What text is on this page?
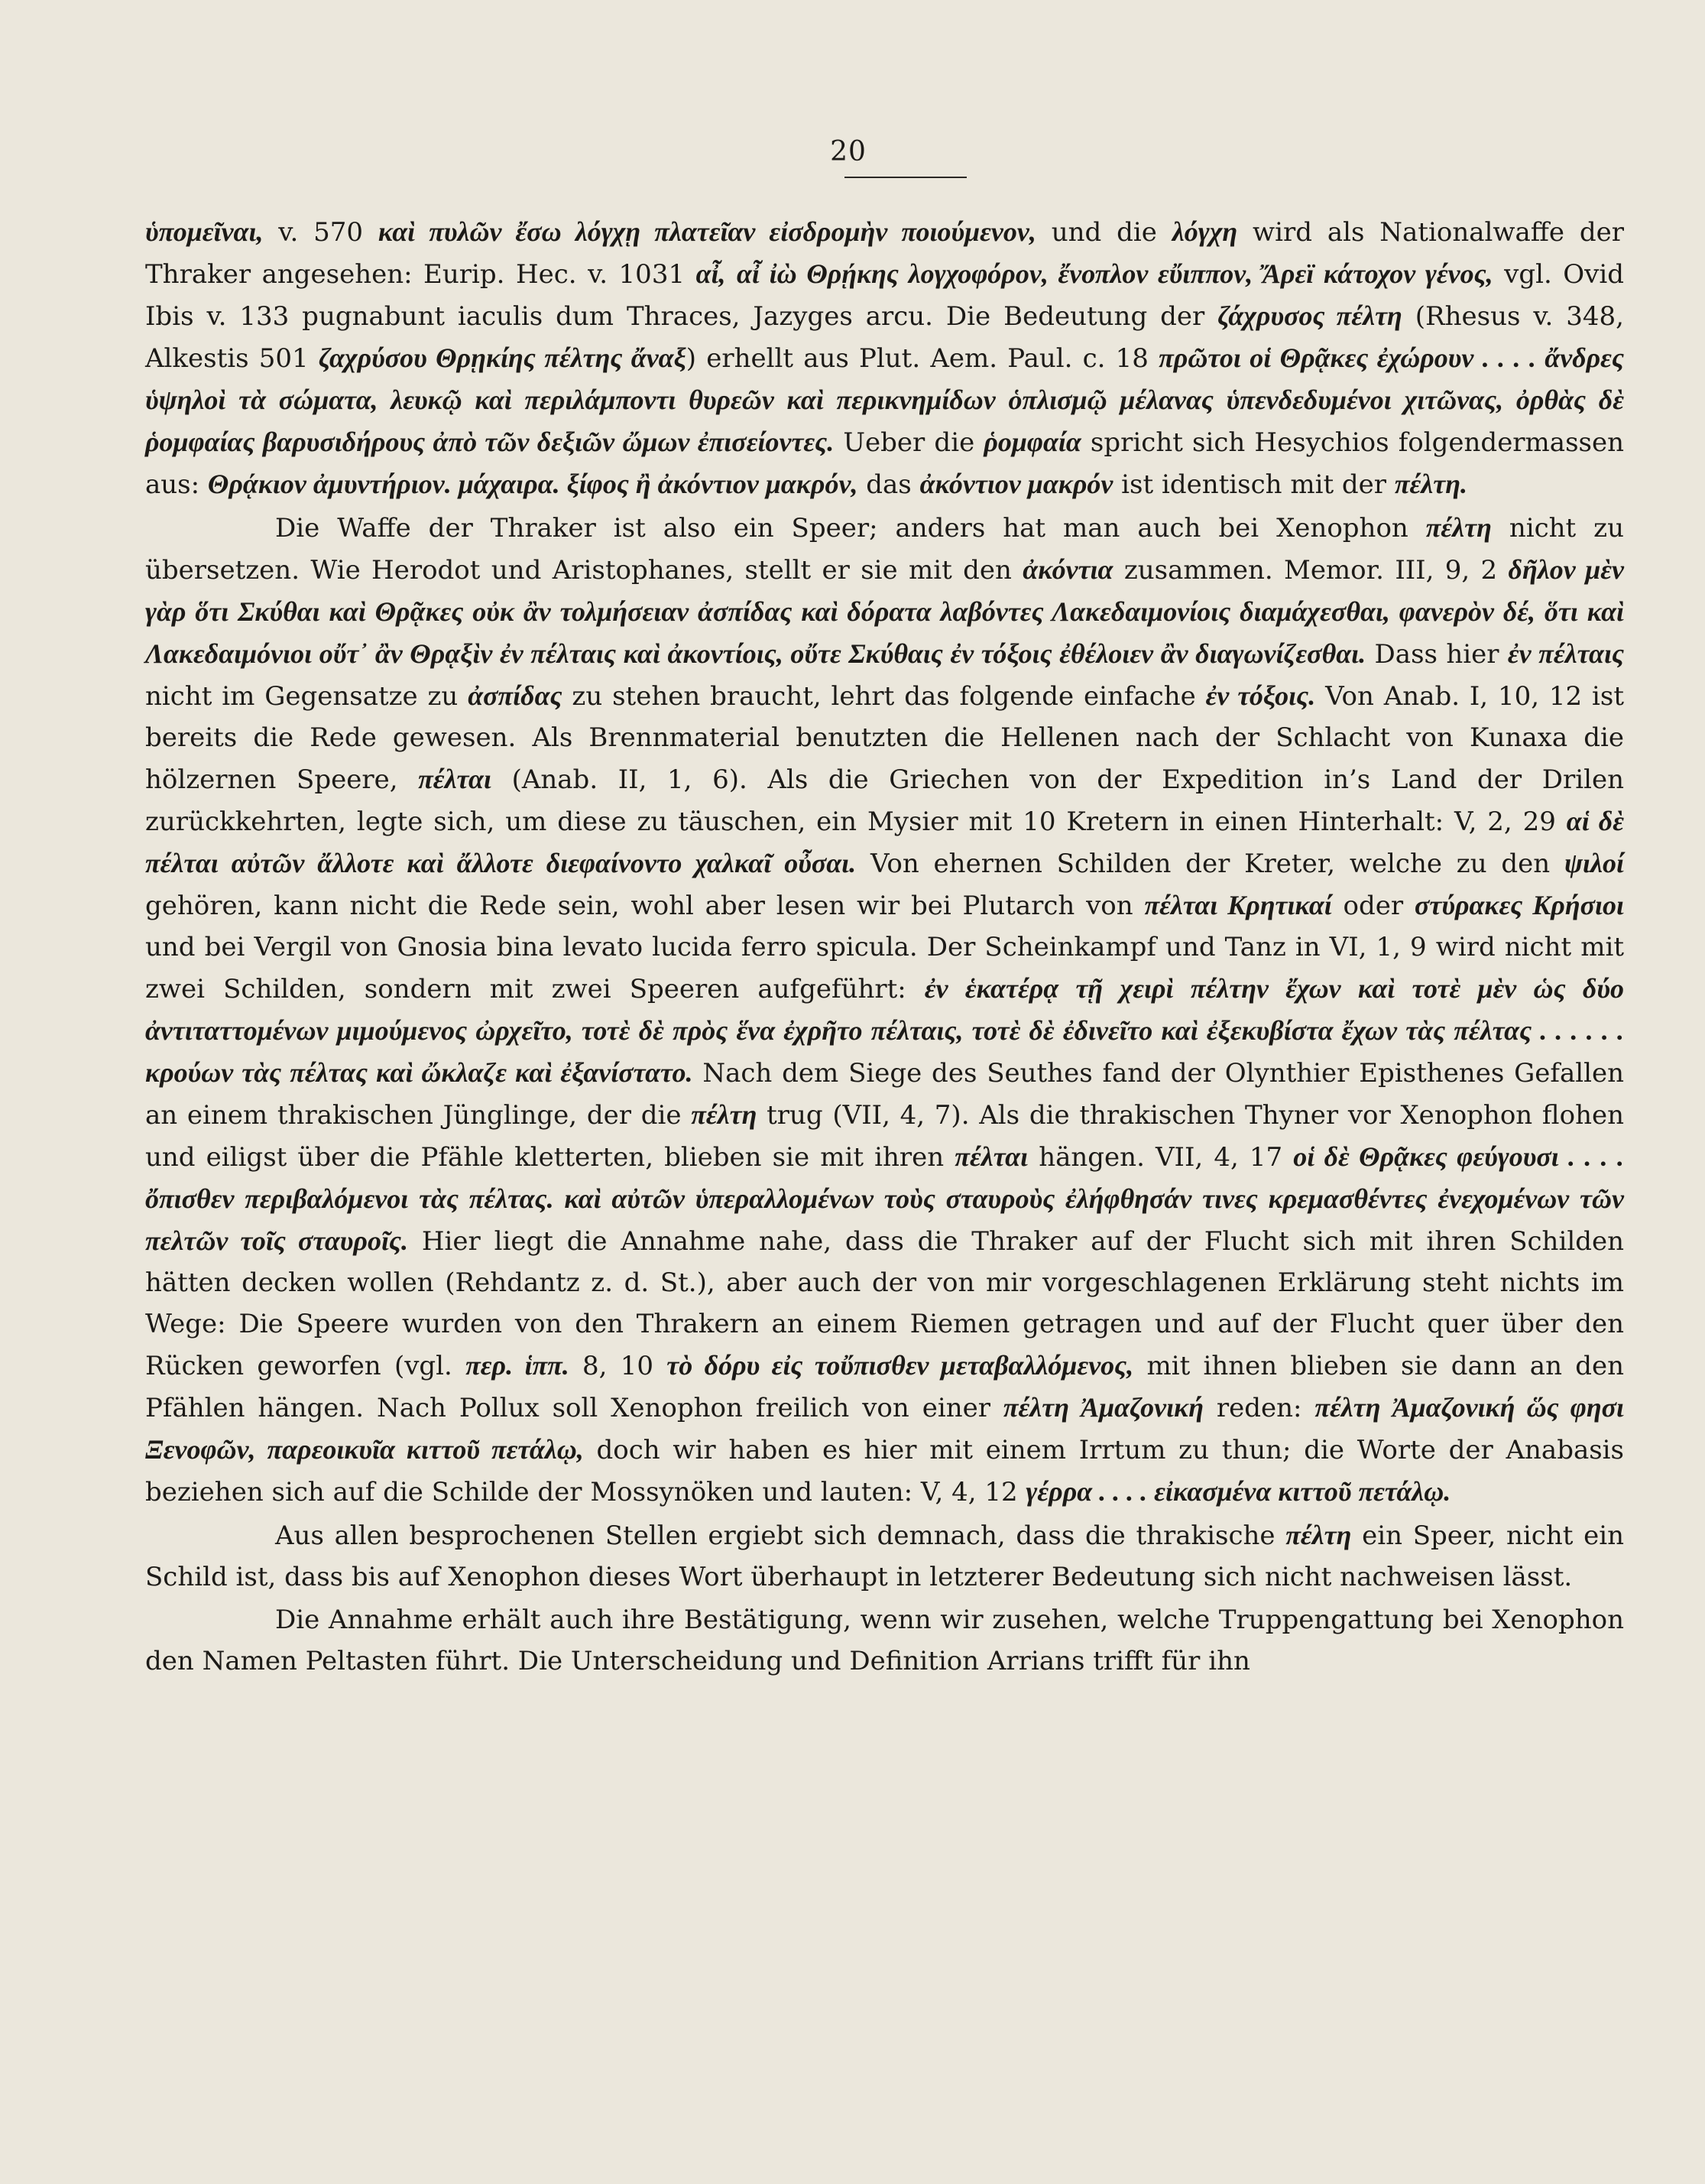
20

ὑπομεῖναι, v. 570 καὶ πυλῶν ἔσω λόγχῃ πλατεῖαν εἰσδρομὴν ποιούμενον, und die λόγχη wird als Nationalwaffe der Thraker angesehen: Eurip. Hec. v. 1031 αἶ, αἶ ἰὼ Θρῄκης λογχοφόρον, ἔνοπλον εὔιππον, Ἄρεϊ κάτοχον γένος, vgl. Ovid Ibis v. 133 pugnabunt iaculis dum Thraces, Jazyges arcu. Die Bedeutung der ζάχρυσος πέλτη (Rhesus v. 348, Alkestis 501 ζαχρύσου Θρῃκίης πέλτης ἄναξ) erhellt aus Plut. Aem. Paul. c. 18 πρῶτοι οἱ Θρᾷκες ἐχώρουν . . . . ἄνδρες ὑψηλοὶ τὰ σώματα, λευκῷ καὶ περιλάμποντι θυρεῶν καὶ περικνημίδων ὁπλισμῷ μέλανας ὑπενδεδυμένοι χιτῶνας, ὀρθὰς δὲ ῥομφαίας βαρυσιδήρους ἀπὸ τῶν δεξιῶν ὤμων ἐπισείοντες. Ueber die ῥομφαία spricht sich Hesychios folgendermassen aus: Θρᾴκιον ἀμυντήριον. μάχαιρα. ξίφος ἢ ἀκόντιον μακρόν, das ἀκόντιον μακρόν ist identisch mit der πέλτη.

Die Waffe der Thraker ist also ein Speer; anders hat man auch bei Xenophon πέλτη nicht zu übersetzen. Wie Herodot und Aristophanes, stellt er sie mit den ἀκόντια zusammen. Memor. III, 9, 2 δῆλον μὲν γὰρ ὅτι Σκύθαι καὶ Θρᾷκες οὐκ ἂν τολμήσειαν ἀσπίδας καὶ δόρατα λαβόντες Λακεδαιμονίοις διαμάχεσθαι, φανερὸν δέ, ὅτι καὶ Λακεδαιμόνιοι οὔτ᾽ ἂν Θρᾳξὶν ἐν πέλταις καὶ ἀκοντίοις, οὔτε Σκύθαις ἐν τόξοις ἐθέλοιεν ἂν διαγωνίζεσθαι. Dass hier ἐν πέλταις nicht im Gegensatze zu ἀσπίδας zu stehen braucht, lehrt das folgende einfache ἐν τόξοις. Von Anab. I, 10, 12 ist bereits die Rede gewesen. Als Brennmaterial benutzten die Hellenen nach der Schlacht von Kunaxa die hölzernen Speere, πέλται (Anab. II, 1, 6). Als die Griechen von der Expedition in’s Land der Drilen zurückkehrten, legte sich, um diese zu täuschen, ein Mysier mit 10 Kretern in einen Hinterhalt: V, 2, 29 αἱ δὲ πέλται αὐτῶν ἄλλοτε καὶ ἄλλοτε διεφαίνοντο χαλκαῖ οὖσαι. Von ehernen Schilden der Kreter, welche zu den ψιλοί gehören, kann nicht die Rede sein, wohl aber lesen wir bei Plutarch von πέλται Κρητικαί oder στύρακες Κρήσιοι und bei Vergil von Gnosia bina levato lucida ferro spicula. Der Scheinkampf und Tanz in VI, 1, 9 wird nicht mit zwei Schilden, sondern mit zwei Speeren aufgeführt: ἐν ἑκατέρᾳ τῇ χειρὶ πέλτην ἔχων καὶ τοτὲ μὲν ὡς δύο ἀντιταττομένων μιμούμενος ὠρχεῖτο, τοτὲ δὲ πρὸς ἕνα ἐχρῆτο πέλταις, τοτὲ δὲ ἐδινεῖτο καὶ ἐξεκυβίστα ἔχων τὰς πέλτας . . . . . . κρούων τὰς πέλτας καὶ ὤκλαζε καὶ ἐξανίστατο. Nach dem Siege des Seuthes fand der Olynthier Episthenes Gefallen an einem thrakischen Jünglinge, der die πέλτη trug (VII, 4, 7). Als die thrakischen Thyner vor Xenophon flohen und eiligst über die Pfähle kletterten, blieben sie mit ihren πέλται hängen. VII, 4, 17 οἱ δὲ Θρᾷκες φεύγουσι . . . . ὄπισθεν περιβαλόμενοι τὰς πέλτας. καὶ αὐτῶν ὑπεραλλομένων τοὺς σταυροὺς ἐλήφθησάν τινες κρεμασθέντες ἐνεχομένων τῶν πελτῶν τοῖς σταυροῖς. Hier liegt die Annahme nahe, dass die Thraker auf der Flucht sich mit ihren Schilden hätten decken wollen (Rehdantz z. d. St.), aber auch der von mir vorgeschlagenen Erklärung steht nichts im Wege: Die Speere wurden von den Thrakern an einem Riemen getragen und auf der Flucht quer über den Rücken geworfen (vgl. περ. ἱππ. 8, 10 τὸ δόρυ εἰς τοὔπισθεν μεταβαλλόμενος, mit ihnen blieben sie dann an den Pfählen hängen. Nach Pollux soll Xenophon freilich von einer πέλτη Ἀμαζονική reden: πέλτη Ἀμαζονική ὥς φησι Ξενοφῶν, παρεοικυῖα κιττοῦ πετάλῳ, doch wir haben es hier mit einem Irrtum zu thun; die Worte der Anabasis beziehen sich auf die Schilde der Mossynöken und lauten: V, 4, 12 γέρρα . . . . εἰκασμένα κιττοῦ πετάλῳ.

Aus allen besprochenen Stellen ergiebt sich demnach, dass die thrakische πέλτη ein Speer, nicht ein Schild ist, dass bis auf Xenophon dieses Wort überhaupt in letzterer Bedeutung sich nicht nachweisen lässt.

Die Annahme erhält auch ihre Bestätigung, wenn wir zusehen, welche Truppengattung bei Xenophon den Namen Peltasten führt. Die Unterscheidung und Definition Arrians trifft für ihn
